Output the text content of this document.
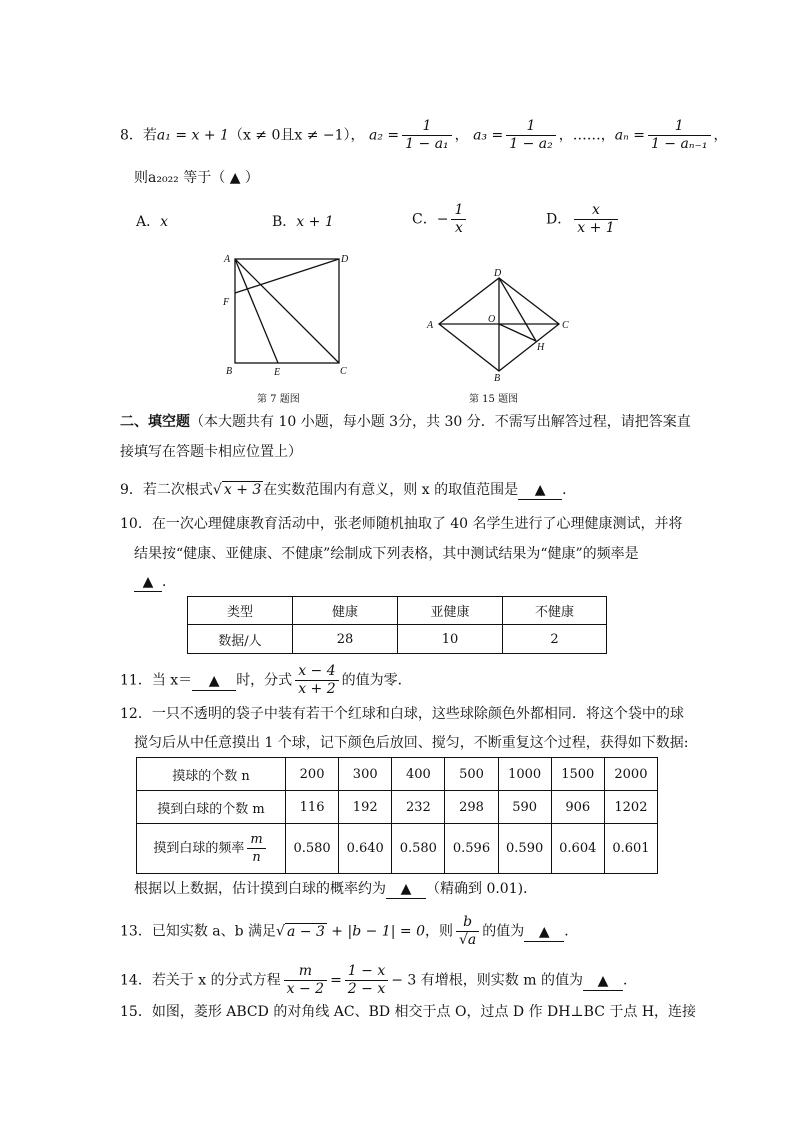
8．若a₁ = x + 1（x ≠ 0且x ≠ −1）， $a_2 = \frac{1}{\text{1 − a₁}}$ ， $a_3 = \frac{1}{\text{1 − a₂}}$ ，……，$a_n = \frac{1}{\text{1 − aₙ₋₁}}$ ，
则a₂₀₂₂ 等于（ ▲ ）
A．x	B．x + 1	C．− $\frac{1}{x}$	D． $\frac{x}{x + 1}$
A	D
F
B	E	C
第 7 题图
A
D
C
B
O
H
第 15 题图
二、填空题（本大题共有 10 小题，每小题 3分，共 30 分．不需写出解答过程，请把答案直
接填写在答题卡相应位置上）
9．若二次根式√ x + 3 在实数范围内有意义，则 x 的取值范围是 ▲ ．
10．在一次心理健康教育活动中，张老师随机抽取了 40 名学生进行了心理健康测试，并将
结果按“健康、亚健康、不健康”绘制成下列表格，其中测试结果为“健康”的频率是
▲ ．
类型	健康	亚健康	不健康
数据/人	28	10	2
11．当 x＝ ▲ 时，分式 $\frac{x - 4}{x + 2}$ 的值为零．
12．一只不透明的袋子中装有若干个红球和白球，这些球除颜色外都相同．将这个袋中的球
搅匀后从中任意摸出 1 个球，记下颜色后放回、搅匀，不断重复这个过程，获得如下数据:
摸球的个数 n	200	300	400	500	1000	1500	2000
摸到白球的个数 m	116	192	232	298	590	906	1202
摸到白球的频率 $\frac{m}{n}$	0.580	0.640	0.580	0.596	0.590	0.604	0.601
根据以上数据，估计摸到白球的概率约为 ▲ （精确到 0.01)．
13．已知实数 a、b 满足√ a − 3 + |b − 1| = 0，则 $\frac{b}{√a}$ 的值为 ▲ ．
14．若关于 x 的分式方程 $\frac{m}{x - 2} = \frac{1 - x}{2 - x} - 3$ 有增根，则实数 m 的值为 ▲ ．
15．如图，菱形 ABCD 的对角线 AC、BD 相交于点 O，过点 D 作 DH⊥BC 于点 H，连接
